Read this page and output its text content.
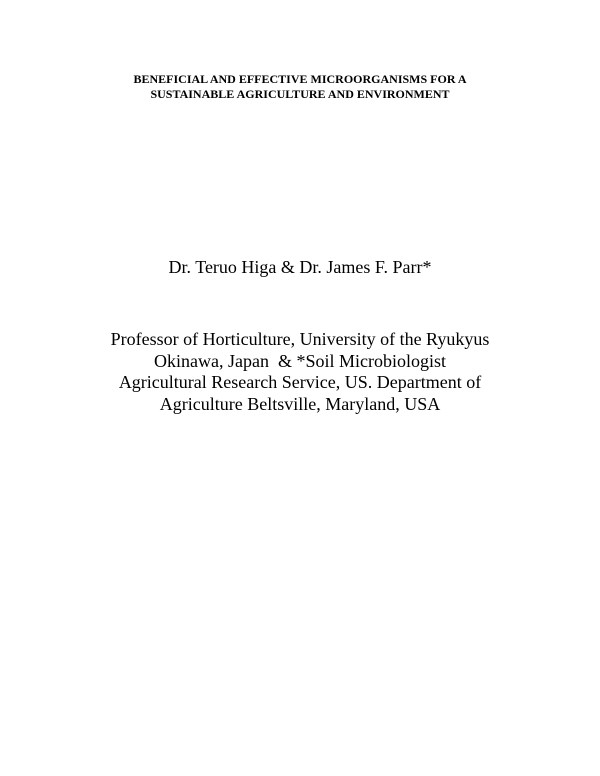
BENEFICIAL AND EFFECTIVE MICROORGANISMS FOR A
SUSTAINABLE AGRICULTURE AND ENVIRONMENT
Dr. Teruo Higa & Dr. James F. Parr*
Professor of Horticulture, University of the Ryukyus
Okinawa, Japan  & *Soil Microbiologist
Agricultural Research Service, US. Department of
Agriculture Beltsville, Maryland, USA
